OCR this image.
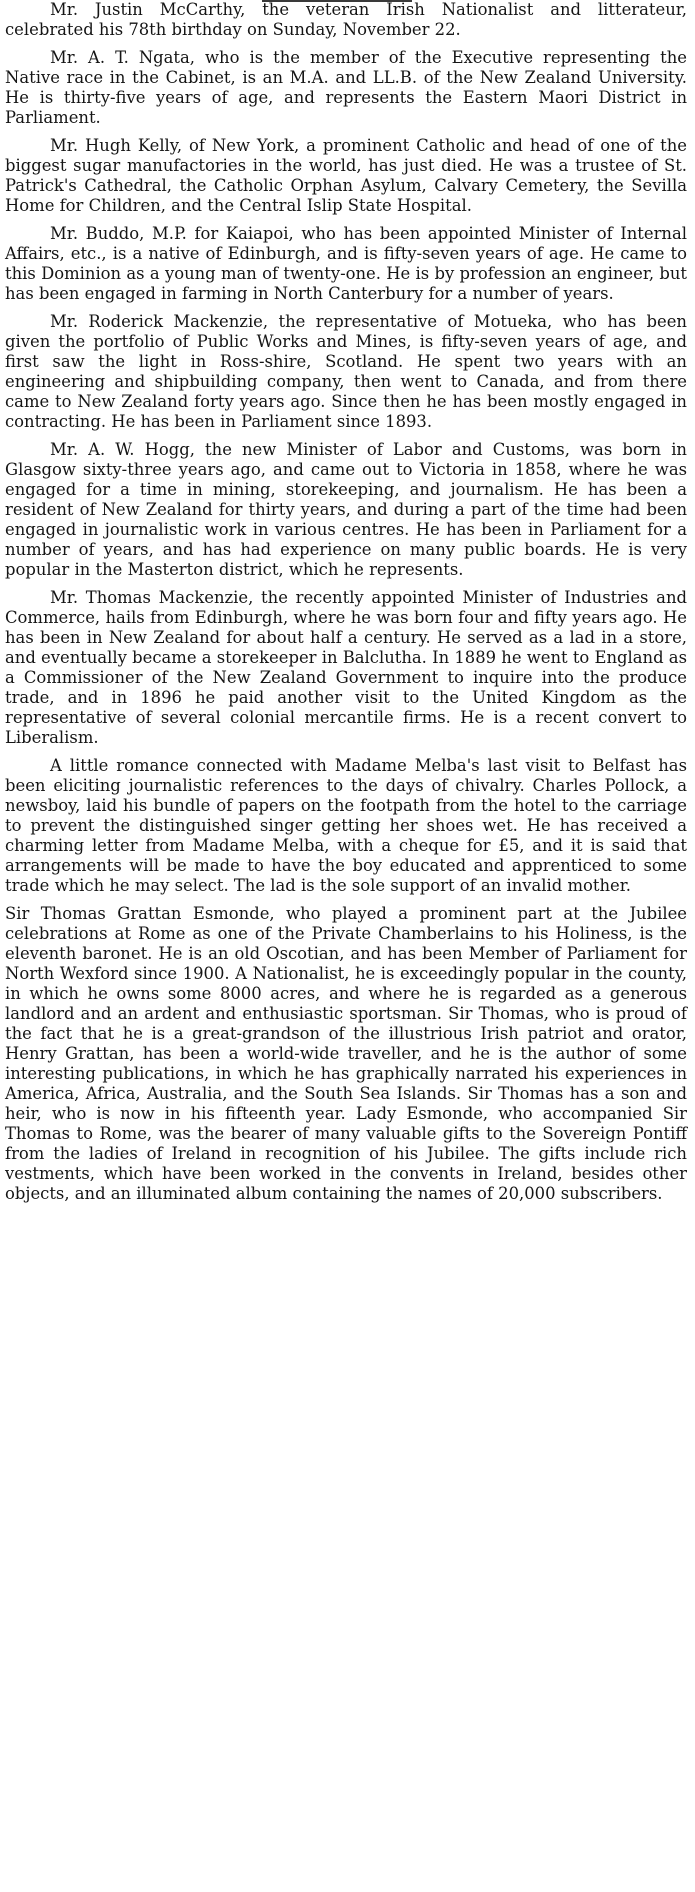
Mr. Justin McCarthy, the veteran Irish Nationalist and litterateur, celebrated his 78th birthday on Sunday, November 22.

Mr. A. T. Ngata, who is the member of the Executive representing the Native race in the Cabinet, is an M.A. and LL.B. of the New Zealand University. He is thirty-five years of age, and represents the Eastern Maori District in Parliament.

Mr. Hugh Kelly, of New York, a prominent Catholic and head of one of the biggest sugar manufactories in the world, has just died. He was a trustee of St. Patrick's Cathedral, the Catholic Orphan Asylum, Calvary Cemetery, the Sevilla Home for Children, and the Central Islip State Hospital.

Mr. Buddo, M.P. for Kaiapoi, who has been appointed Minister of Internal Affairs, etc., is a native of Edinburgh, and is fifty-seven years of age. He came to this Dominion as a young man of twenty-one. He is by profession an engineer, but has been engaged in farming in North Canterbury for a number of years.

Mr. Roderick Mackenzie, the representative of Motueka, who has been given the portfolio of Public Works and Mines, is fifty-seven years of age, and first saw the light in Ross-shire, Scotland. He spent two years with an engineering and shipbuilding company, then went to Canada, and from there came to New Zealand forty years ago. Since then he has been mostly engaged in contracting. He has been in Parliament since 1893.

Mr. A. W. Hogg, the new Minister of Labor and Customs, was born in Glasgow sixty-three years ago, and came out to Victoria in 1858, where he was engaged for a time in mining, storekeeping, and journalism. He has been a resident of New Zealand for thirty years, and during a part of the time had been engaged in journalistic work in various centres. He has been in Parliament for a number of years, and has had experience on many public boards. He is very popular in the Masterton district, which he represents.

Mr. Thomas Mackenzie, the recently appointed Minister of Industries and Commerce, hails from Edinburgh, where he was born four and fifty years ago. He has been in New Zealand for about half a century. He served as a lad in a store, and eventually became a storekeeper in Balclutha. In 1889 he went to England as a Commissioner of the New Zealand Government to inquire into the produce trade, and in 1896 he paid another visit to the United Kingdom as the representative of several colonial mercantile firms. He is a recent convert to Liberalism.

A little romance connected with Madame Melba's last visit to Belfast has been eliciting journalistic references to the days of chivalry. Charles Pollock, a newsboy, laid his bundle of papers on the footpath from the hotel to the carriage to prevent the distinguished singer getting her shoes wet. He has received a charming letter from Madame Melba, with a cheque for £5, and it is said that arrangements will be made to have the boy educated and apprenticed to some trade which he may select. The lad is the sole support of an invalid mother.

Sir Thomas Grattan Esmonde, who played a prominent part at the Jubilee celebrations at Rome as one of the Private Chamberlains to his Holiness, is the eleventh baronet. He is an old Oscotian, and has been Member of Parliament for North Wexford since 1900. A Nationalist, he is exceedingly popular in the county, in which he owns some 8000 acres, and where he is regarded as a generous landlord and an ardent and enthusiastic sportsman. Sir Thomas, who is proud of the fact that he is a great-grandson of the illustrious Irish patriot and orator, Henry Grattan, has been a world-wide traveller, and he is the author of some interesting publications, in which he has graphically narrated his experiences in America, Africa, Australia, and the South Sea Islands. Sir Thomas has a son and heir, who is now in his fifteenth year. Lady Esmonde, who accompanied Sir Thomas to Rome, was the bearer of many valuable gifts to the Sovereign Pontiff from the ladies of Ireland in recognition of his Jubilee. The gifts include rich vestments, which have been worked in the convents in Ireland, besides other objects, and an illuminated album containing the names of 20,000 subscribers.
